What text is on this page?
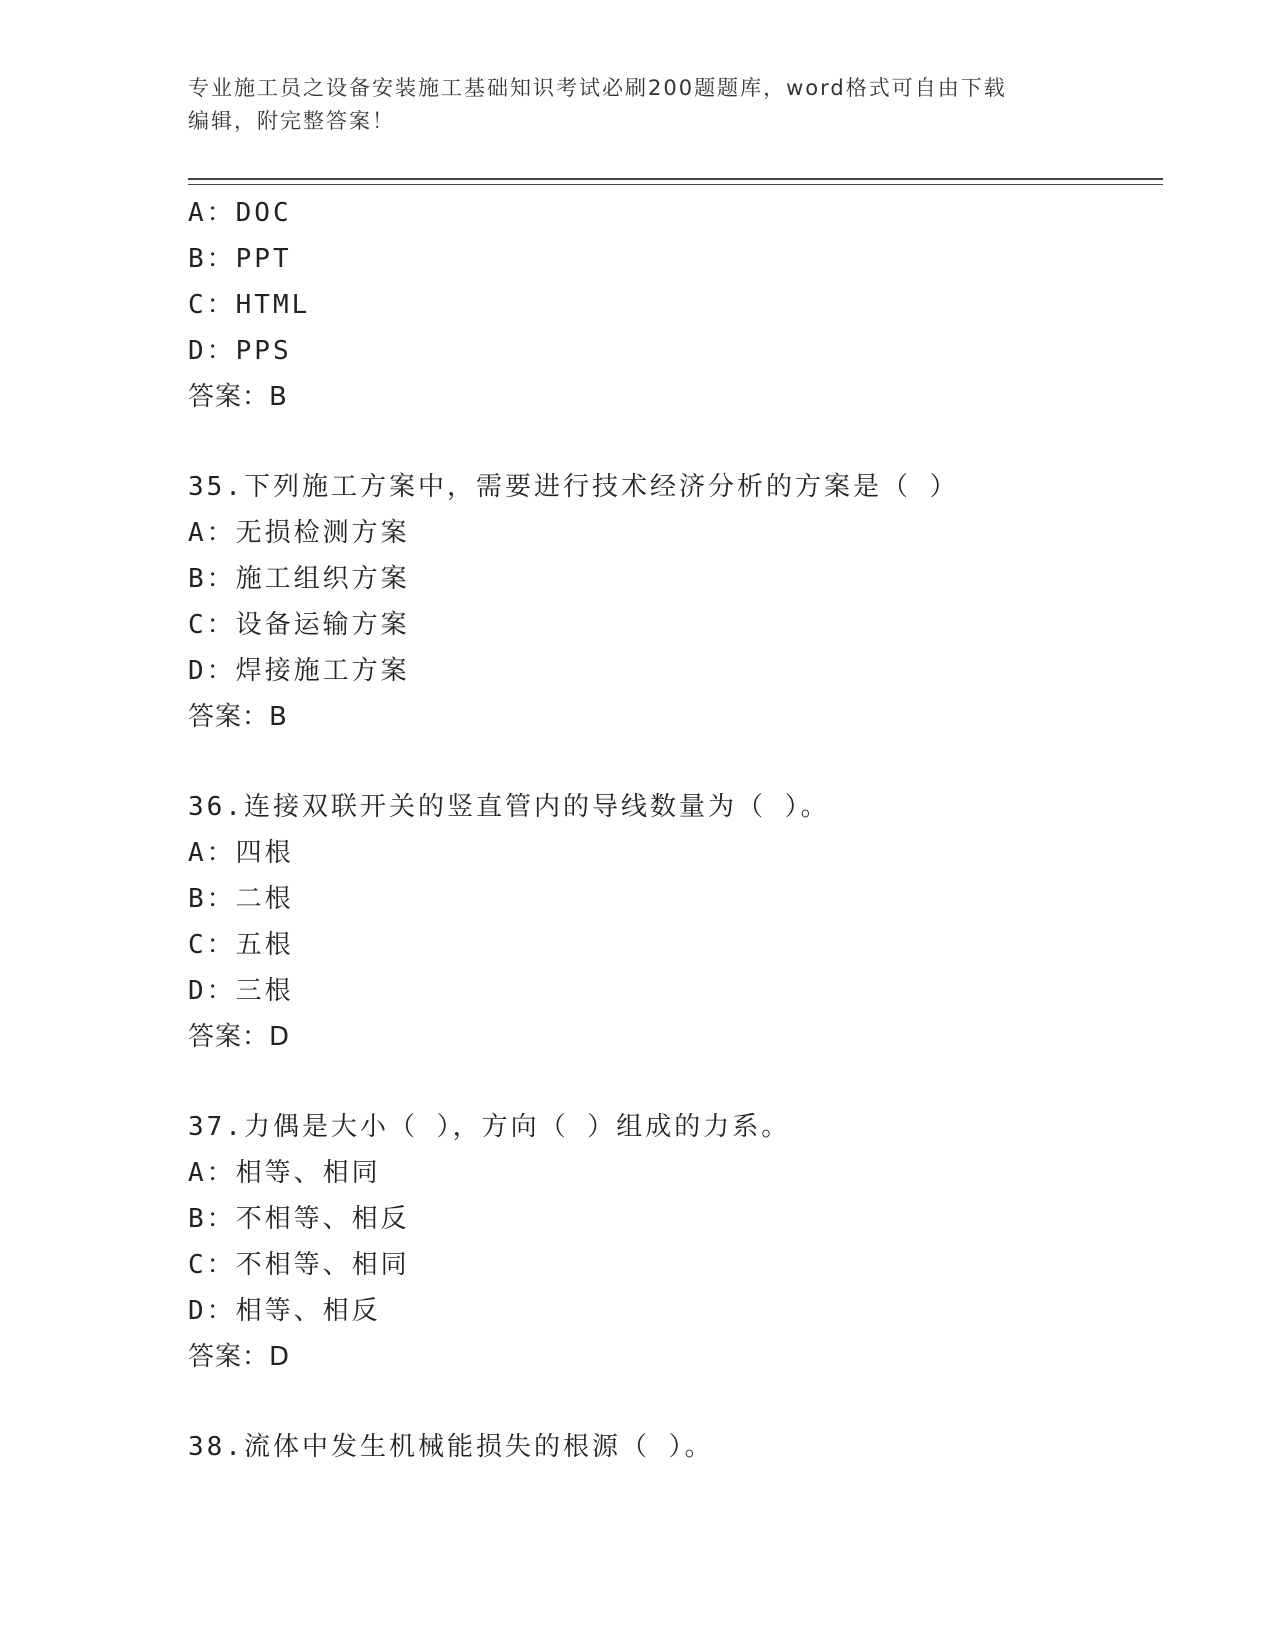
专业施工员之设备安装施工基础知识考试必刷200题题库，word格式可自由下载
编辑，附完整答案！
A：DOC
B：PPT
C：HTML
D：PPS
答案：B
35.下列施工方案中，需要进行技术经济分析的方案是（ ）
A：无损检测方案
B：施工组织方案
C：设备运输方案
D：焊接施工方案
答案：B
36.连接双联开关的竖直管内的导线数量为（ ）。
A：四根
B：二根
C：五根
D：三根
答案：D
37.力偶是大小（ ），方向（ ）组成的力系。
A：相等、相同
B：不相等、相反
C：不相等、相同
D：相等、相反
答案：D
38.流体中发生机械能损失的根源（ ）。
